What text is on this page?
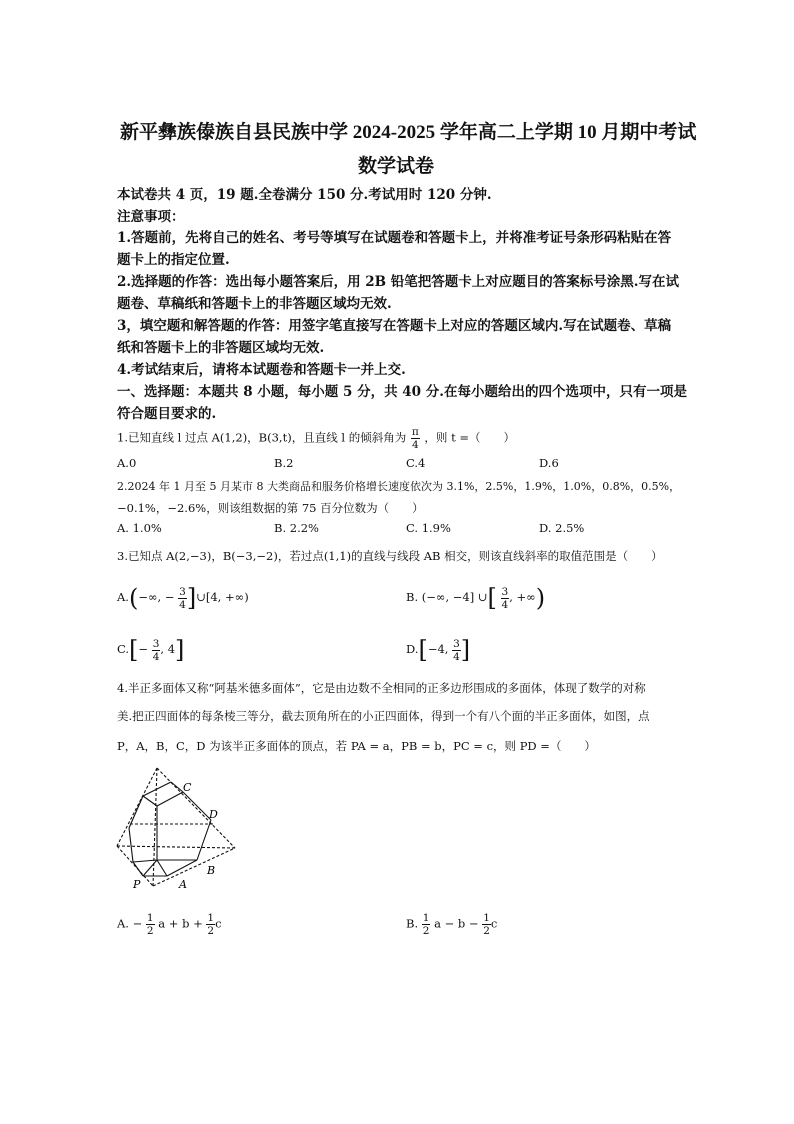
新平彝族傣族自县民族中学 2024-2025 学年高二上学期 10 月期中考试
数学试卷
本试卷共 4 页，19 题.全卷满分 150 分.考试用时 120 分钟.
注意事项：
1.答题前，先将自己的姓名、考号等填写在试题卷和答题卡上，并将准考证号条形码粘贴在答
题卡上的指定位置.
2.选择题的作答：选出每小题答案后，用 2B 铅笔把答题卡上对应题目的答案标号涂黑.写在试
题卷、草稿纸和答题卡上的非答题区域均无效.
3，填空题和解答题的作答：用签字笔直接写在答题卡上对应的答题区域内.写在试题卷、草稿
纸和答题卡上的非答题区域均无效.
4.考试结束后，请将本试题卷和答题卡一并上交.
一、选择题：本题共 8 小题，每小题 5 分，共 40 分.在每小题给出的四个选项中，只有一项是
符合题目要求的.
1.已知直线 l 过点 A(1,2)，B(3,t)，且直线 l 的倾斜角为 $\frac{\pi}{4}$ ，则 t =（　　）
A.0	B.2	C.4	D.6
2.2024 年 1 月至 5 月某市 8 大类商品和服务价格增长速度依次为 3.1%，2.5%，1.9%，1.0%，0.8%，0.5%，
−0.1%，−2.6%，则该组数据的第 75 百分位数为（　　）
A. 1.0%	B. 2.2%	C. 1.9%	D. 2.5%
3.已知点 A(2,−3)，B(−3,−2)，若过点(1,1)的直线与线段 AB 相交，则该直线斜率的取值范围是（　　）
A.(−∞, − $\frac{3}{4}$ ]∪[4, +∞)	B. (−∞, −4] ∪[ $\frac{3}{4}$ , +∞)
$C.[- \frac{3}{4}$ , 4]	D.[−4, $\frac{3}{4}$ ]
4.半正多面体又称“阿基米德多面体”，它是由边数不全相同的正多边形围成的多面体，体现了数学的对称
美.把正四面体的每条棱三等分，截去顶角所在的小正四面体，得到一个有八个面的半正多面体，如图，点
P，A，B，C，D 为该半正多面体的顶点，若 PA = a，PB = b，PC = c，则 PD =（　　）
C
D
B
P	A
A. − $\frac{1}{2}$ $a + b + \frac{1}{2}$ c	B. $\frac{1}{2}$ $a - b - \frac{1}{2}$ c
